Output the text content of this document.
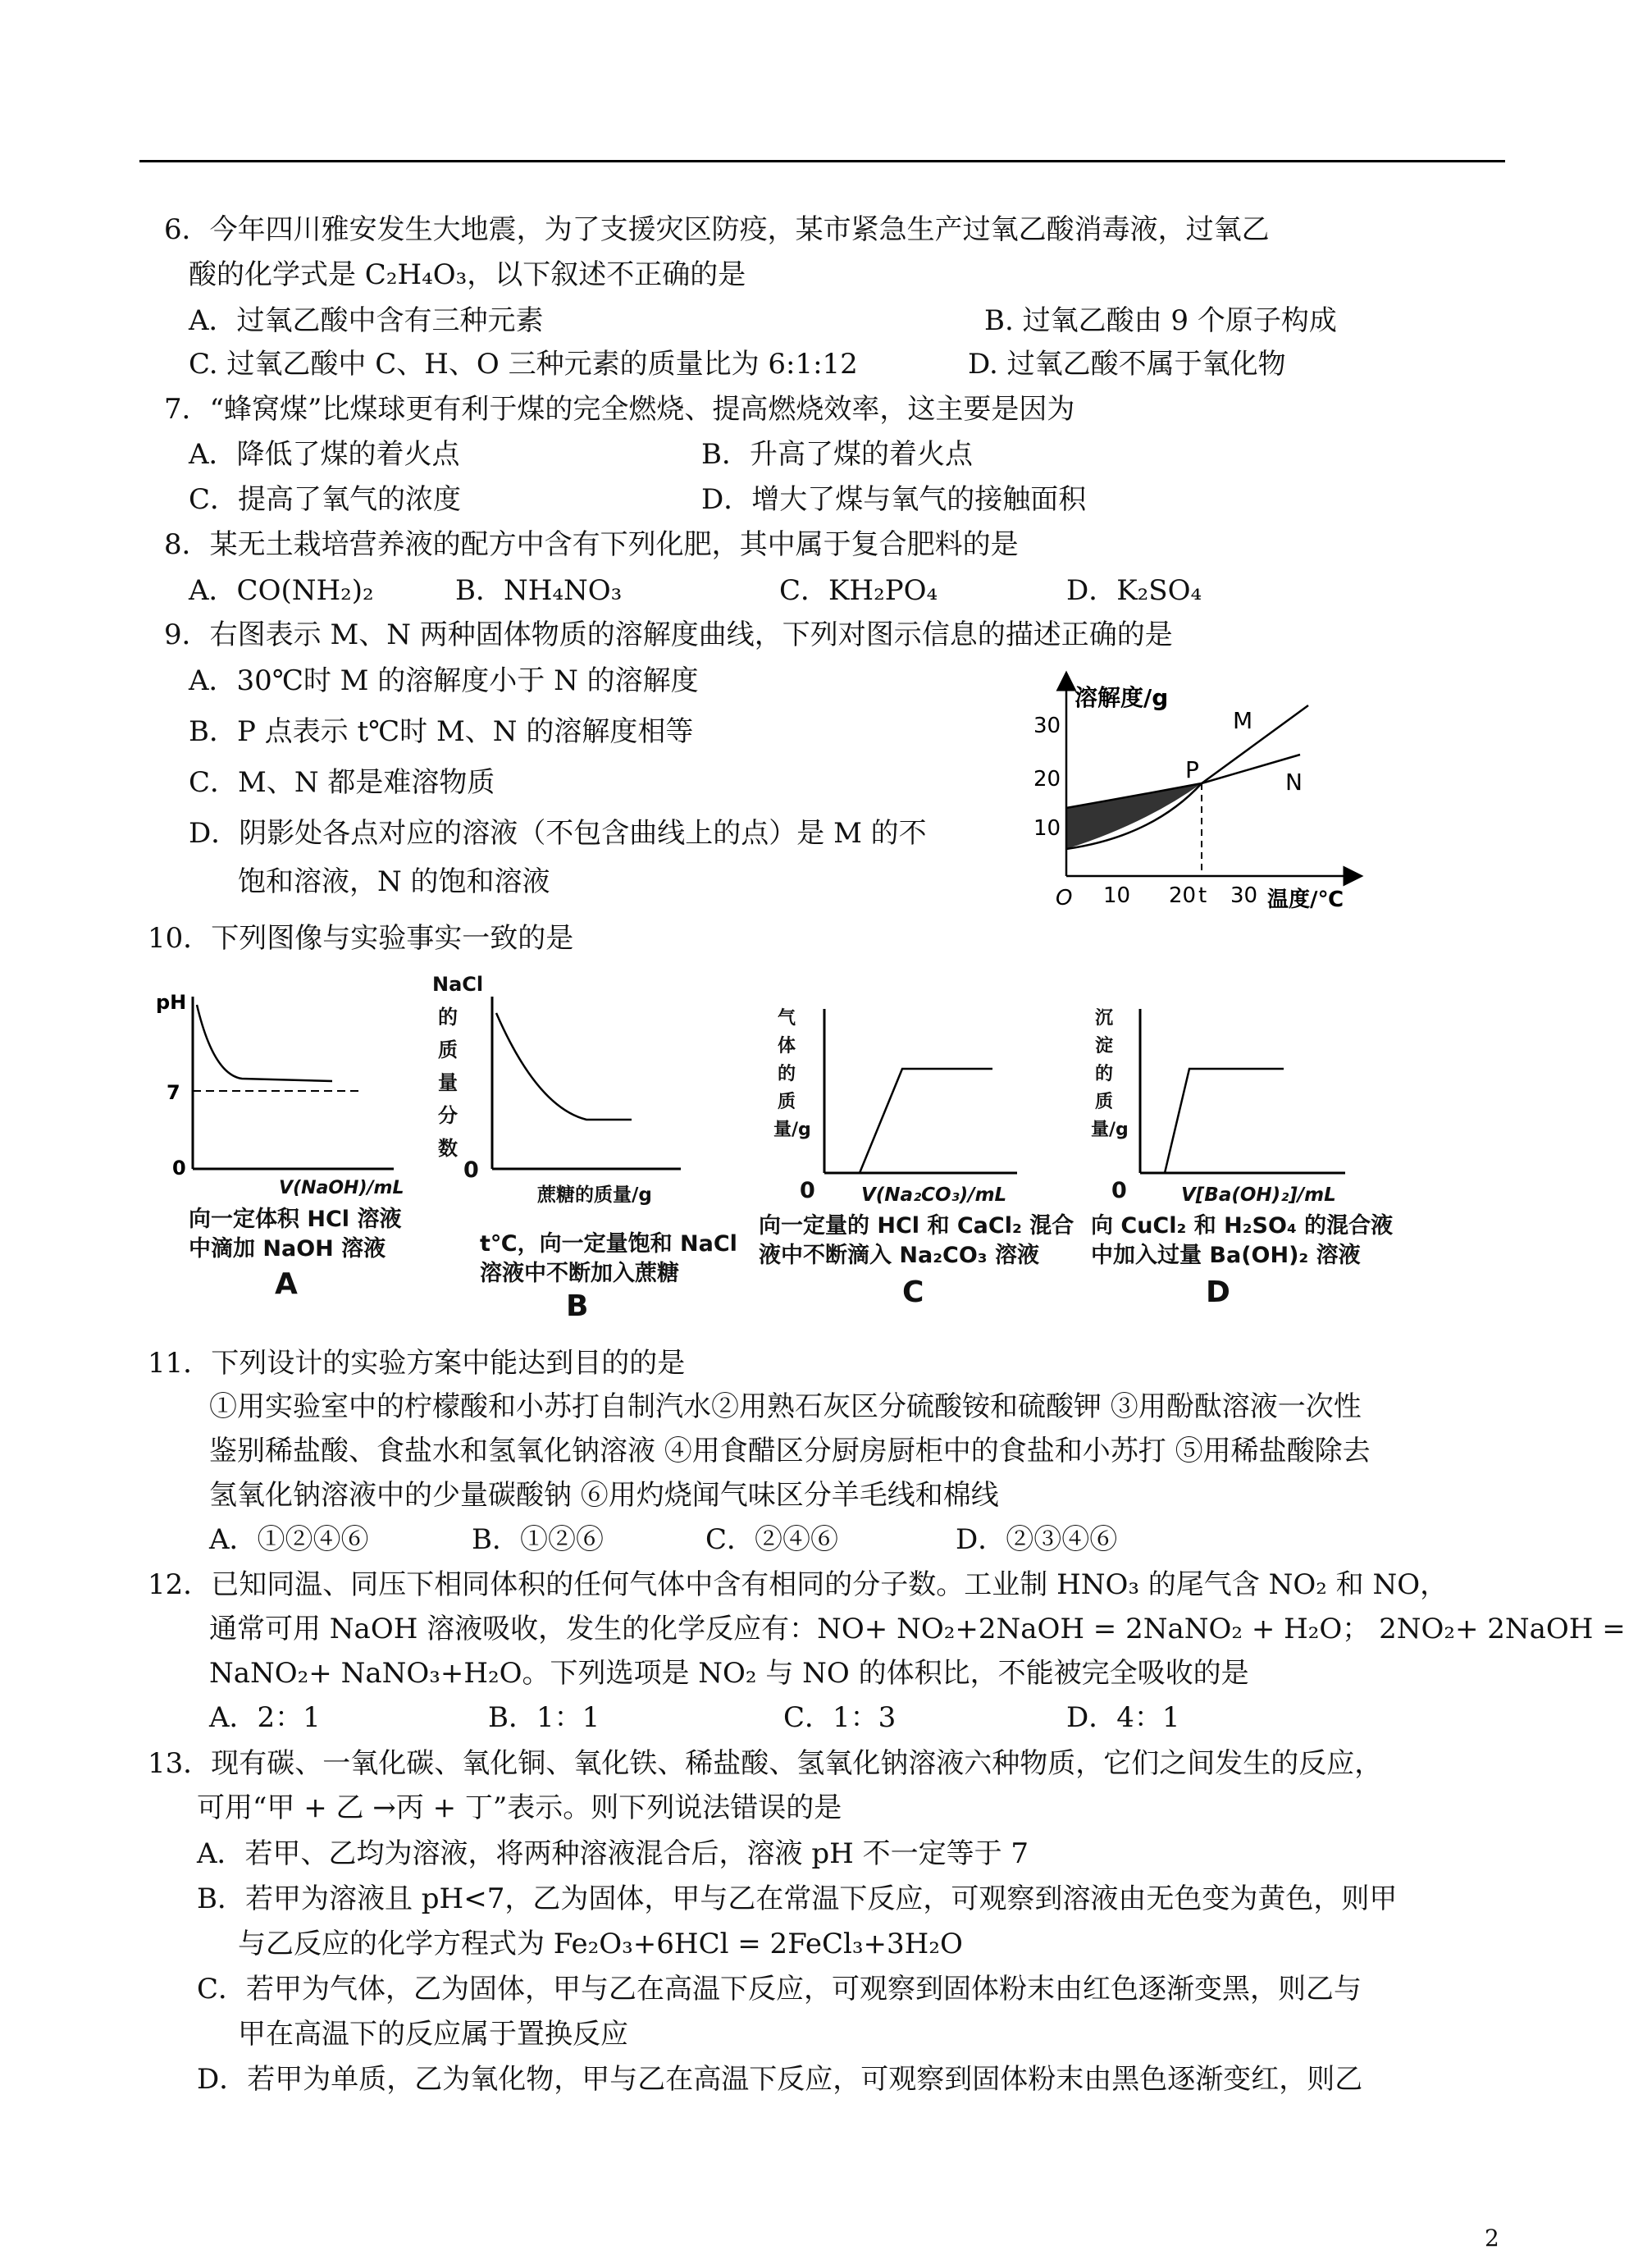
6．今年四川雅安发生大地震，为了支援灾区防疫，某市紧急生产过氧乙酸消毒液，过氧乙
酸的化学式是 C₂H₄O₃，以下叙述不正确的是
A．过氧乙酸中含有三种元素	B. 过氧乙酸由 9 个原子构成
C. 过氧乙酸中 C、H、O 三种元素的质量比为 6:1:12	D. 过氧乙酸不属于氧化物
7．“蜂窝煤”比煤球更有利于煤的完全燃烧、提高燃烧效率，这主要是因为
A．降低了煤的着火点	B．升高了煤的着火点
C．提高了氧气的浓度	D．增大了煤与氧气的接触面积
8．某无土栽培营养液的配方中含有下列化肥，其中属于复合肥料的是
A．CO(NH₂)₂	B．NH₄NO₃	C．KH₂PO₄	D．K₂SO₄
9．右图表示 M、N 两种固体物质的溶解度曲线，下列对图示信息的描述正确的是
A．30℃时 M 的溶解度小于 N 的溶解度
B．P 点表示 t℃时 M、N 的溶解度相等
C．M、N 都是难溶物质
D．阴影处各点对应的溶液（不包含曲线上的点）是 M 的不
饱和溶液，N 的饱和溶液
溶解度/g
30
20
10
O 10 20 t 30 温度/℃
P
M
N
10．下列图像与实验事实一致的是
pH
7
0
V(NaOH)/mL
向一定体积 HCl 溶液
中滴加 NaOH 溶液
A
NaCl的质量分数
0
蔗糖的质量/g
t℃，向一定量饱和 NaCl
溶液中不断加入蔗糖
B
气体的质量/g
0 V(Na₂CO₃)/mL
向一定量的 HCl 和 CaCl₂ 混合
液中不断滴入 Na₂CO₃ 溶液
C
沉淀的质量/g
0	V[Ba(OH)₂]/mL
向 CuCl₂ 和 H₂SO₄ 的混合液
中加入过量 Ba(OH)₂ 溶液
D
11．下列设计的实验方案中能达到目的的是
①用实验室中的柠檬酸和小苏打自制汽水②用熟石灰区分硫酸铵和硫酸钾 ③用酚酞溶液一次性
鉴别稀盐酸、食盐水和氢氧化钠溶液 ④用食醋区分厨房厨柜中的食盐和小苏打 ⑤用稀盐酸除去
氢氧化钠溶液中的少量碳酸钠 ⑥用灼烧闻气味区分羊毛线和棉线
A．①②④⑥	B．①②⑥	C．②④⑥	D．②③④⑥
12．已知同温、同压下相同体积的任何气体中含有相同的分子数。工业制 HNO₃ 的尾气含 NO₂ 和 NO，
通常可用 NaOH 溶液吸收，发生的化学反应有：NO+ NO₂+2NaOH = 2NaNO₂ + H₂O； 2NO₂+ 2NaOH =
NaNO₂+ NaNO₃+H₂O。下列选项是 NO₂ 与 NO 的体积比，不能被完全吸收的是
A．2：1	B．1：1	C．1：3	D．4：1
13．现有碳、一氧化碳、氧化铜、氧化铁、稀盐酸、氢氧化钠溶液六种物质，它们之间发生的反应，
可用“甲 + 乙 →丙 + 丁”表示。则下列说法错误的是
A．若甲、乙均为溶液，将两种溶液混合后，溶液 pH 不一定等于 7
B．若甲为溶液且 pH<7，乙为固体，甲与乙在常温下反应，可观察到溶液由无色变为黄色，则甲
与乙反应的化学方程式为 Fe₂O₃+6HCl = 2FeCl₃+3H₂O
C．若甲为气体，乙为固体，甲与乙在高温下反应，可观察到固体粉末由红色逐渐变黑，则乙与
甲在高温下的反应属于置换反应
D．若甲为单质，乙为氧化物，甲与乙在高温下反应，可观察到固体粉末由黑色逐渐变红，则乙
2
